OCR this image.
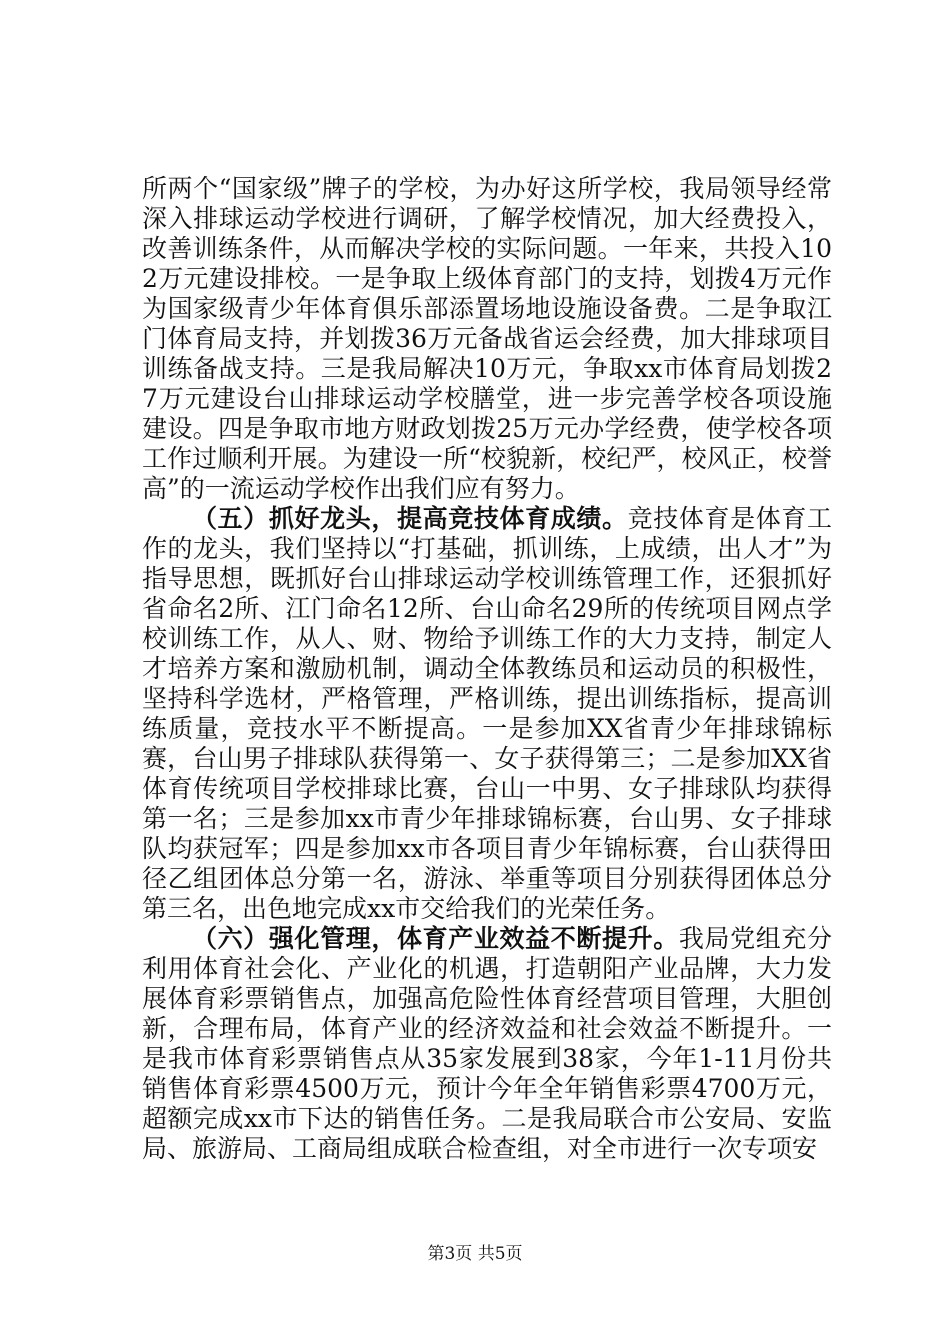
所两个“国家级”牌子的学校，为办好这所学校，我局领导经常深入排球运动学校进行调研，了解学校情况，加大经费投入，改善训练条件，从而解决学校的实际问题。一年来，共投入102万元建设排校。一是争取上级体育部门的支持，划拨4万元作为国家级青少年体育俱乐部添置场地设施设备费。二是争取江门体育局支持，并划拨36万元备战省运会经费，加大排球项目训练备战支持。三是我局解决10万元，争取xx市体育局划拨27万元建设台山排球运动学校膳堂，进一步完善学校各项设施建设。四是争取市地方财政划拨25万元办学经费，使学校各项工作过顺利开展。为建设一所“校貌新，校纪严，校风正，校誉高”的一流运动学校作出我们应有努力。

（五）抓好龙头，提高竞技体育成绩。竞技体育是体育工作的龙头，我们坚持以“打基础，抓训练，上成绩，出人才”为指导思想，既抓好台山排球运动学校训练管理工作，还狠抓好省命名2所、江门命名12所、台山命名29所的传统项目网点学校训练工作，从人、财、物给予训练工作的大力支持，制定人才培养方案和激励机制，调动全体教练员和运动员的积极性，坚持科学选材，严格管理，严格训练，提出训练指标，提高训练质量，竞技水平不断提高。一是参加XX省青少年排球锦标赛，台山男子排球队获得第一、女子获得第三；二是参加XX省体育传统项目学校排球比赛，台山一中男、女子排球队均获得第一名；三是参加xx市青少年排球锦标赛，台山男、女子排球队均获冠军；四是参加xx市各项目青少年锦标赛，台山获得田径乙组团体总分第一名，游泳、举重等项目分别获得团体总分第三名，出色地完成xx市交给我们的光荣任务。

（六）强化管理，体育产业效益不断提升。我局党组充分利用体育社会化、产业化的机遇，打造朝阳产业品牌，大力发展体育彩票销售点，加强高危险性体育经营项目管理，大胆创新，合理布局，体育产业的经济效益和社会效益不断提升。一是我市体育彩票销售点从35家发展到38家，今年1-11月份共销售体育彩票4500万元，预计今年全年销售彩票4700万元，超额完成xx市下达的销售任务。二是我局联合市公安局、安监局、旅游局、工商局组成联合检查组，对全市进行一次专项安

第3页 共5页
